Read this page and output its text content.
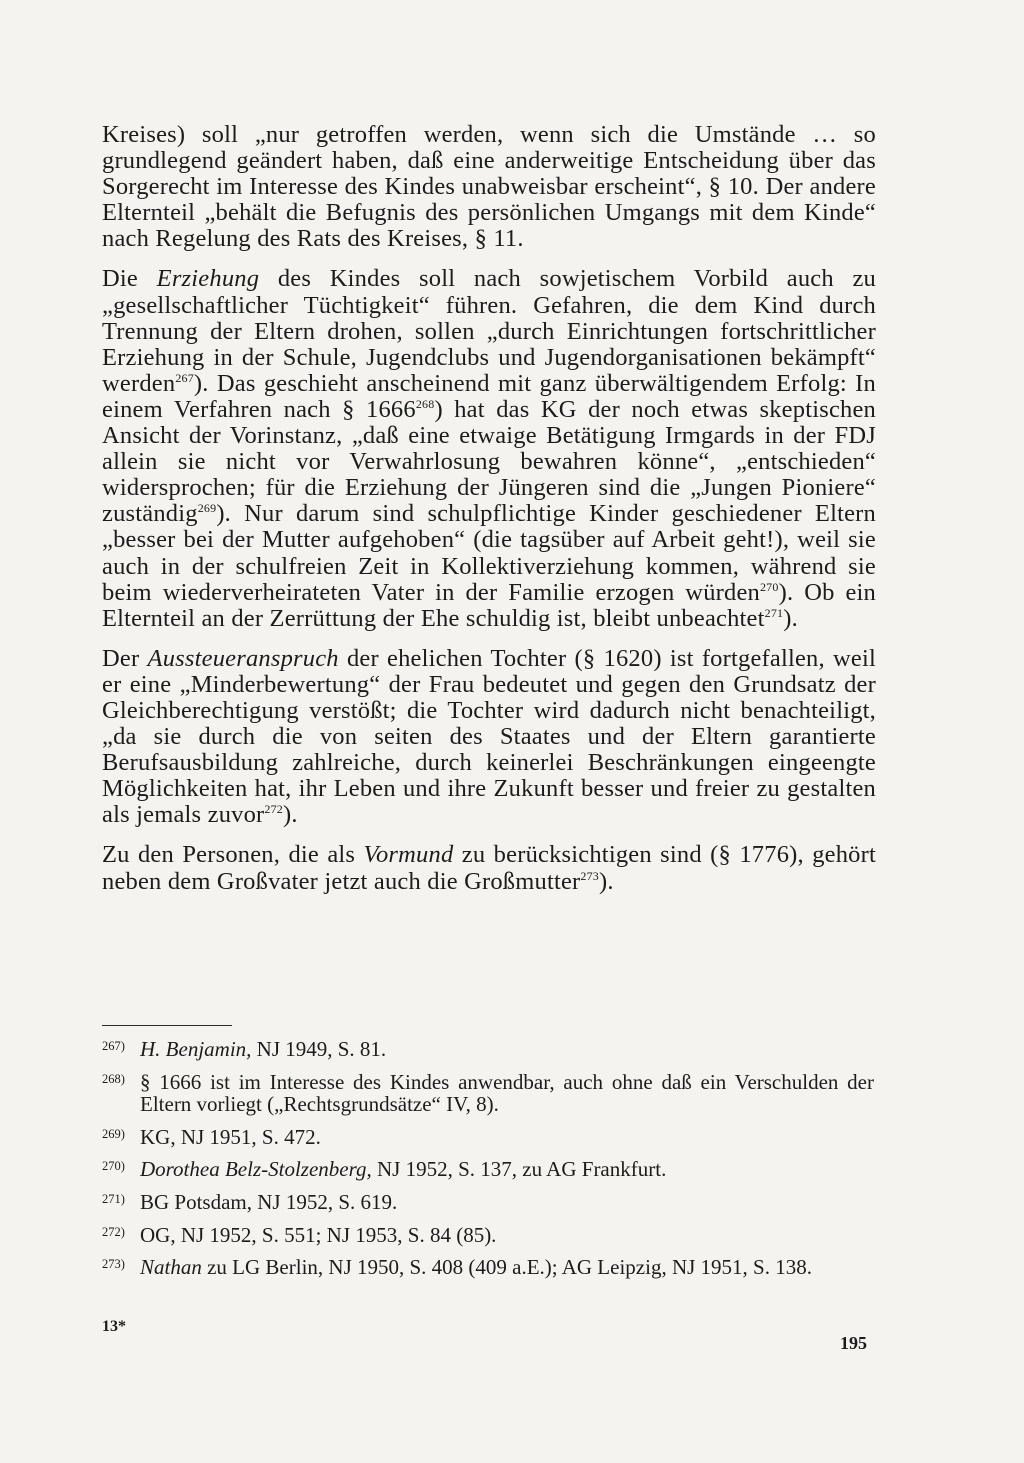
Kreises) soll „nur getroffen werden, wenn sich die Umstände … so grundlegend geändert haben, daß eine anderweitige Entscheidung über das Sorgerecht im Interesse des Kindes unabweisbar erscheint“, § 10. Der andere Elternteil „behält die Befugnis des persönlichen Umgangs mit dem Kinde“ nach Regelung des Rats des Kreises, § 11.

Die Erziehung des Kindes soll nach sowjetischem Vorbild auch zu „gesellschaftlicher Tüchtigkeit“ führen. Gefahren, die dem Kind durch Trennung der Eltern drohen, sollen „durch Einrichtungen fortschrittlicher Erziehung in der Schule, Jugendclubs und Jugendorganisationen bekämpft“ werden$^{267}$). Das geschieht anscheinend mit ganz überwältigendem Erfolg: In einem Verfahren nach § 1666$^{268}$) hat das KG der noch etwas skeptischen Ansicht der Vorinstanz, „daß eine etwaige Betätigung Irmgards in der FDJ allein sie nicht vor Verwahrlosung bewahren könne“, „entschieden“ widersprochen; für die Erziehung der Jüngeren sind die „Jungen Pioniere“ zuständig$^{269}$). Nur darum sind schulpflichtige Kinder geschiedener Eltern „besser bei der Mutter aufgehoben“ (die tagsüber auf Arbeit geht!), weil sie auch in der schulfreien Zeit in Kollektiverziehung kommen, während sie beim wiederverheirateten Vater in der Familie erzogen würden$^{270}$). Ob ein Elternteil an der Zerrüttung der Ehe schuldig ist, bleibt unbeachtet$^{271}$).

Der Aussteueranspruch der ehelichen Tochter (§ 1620) ist fortgefallen, weil er eine „Minderbewertung“ der Frau bedeutet und gegen den Grundsatz der Gleichberechtigung verstößt; die Tochter wird dadurch nicht benachteiligt, „da sie durch die von seiten des Staates und der Eltern garantierte Berufsausbildung zahlreiche, durch keinerlei Beschränkungen eingeengte Möglichkeiten hat, ihr Leben und ihre Zukunft besser und freier zu gestalten als jemals zuvor$^{272}$).

Zu den Personen, die als Vormund zu berücksichtigen sind (§ 1776), gehört neben dem Großvater jetzt auch die Großmutter$^{273}$).

267) H. Benjamin, NJ 1949, S. 81.
268) § 1666 ist im Interesse des Kindes anwendbar, auch ohne daß ein Verschulden der Eltern vorliegt („Rechtsgrundsätze“ IV, 8).
269) KG, NJ 1951, S. 472.
270) Dorothea Belz-Stolzenberg, NJ 1952, S. 137, zu AG Frankfurt.
271) BG Potsdam, NJ 1952, S. 619.
272) OG, NJ 1952, S. 551; NJ 1953, S. 84 (85).
273) Nathan zu LG Berlin, NJ 1950, S. 408 (409 a.E.); AG Leipzig, NJ 1951, S. 138.
13*
195
